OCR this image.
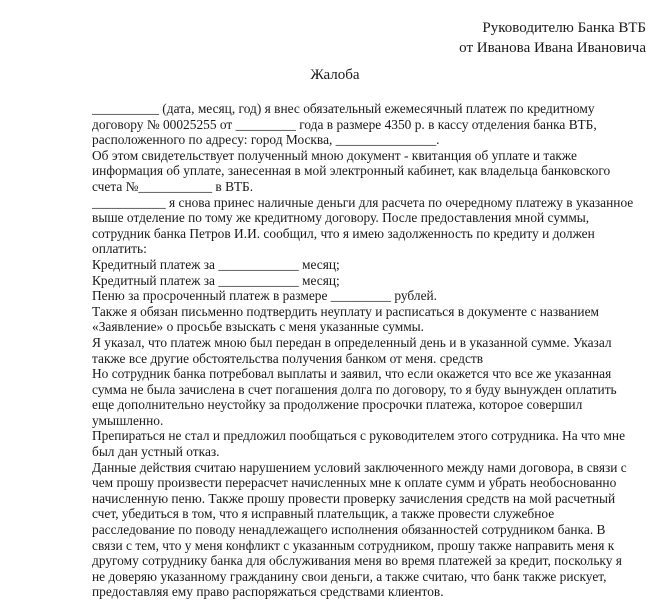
Руководителю Банка ВТБ
от Иванова Ивана Ивановича
Жалоба
__________ (дата, месяц, год) я внес обязательный ежемесячный платеж по кредитному
договору № 00025255 от _________ года в размере 4350 р. в кассу отделения банка ВТБ,
расположенного по адресу: город Москва, _______________.
Об этом свидетельствует полученный мною документ - квитанция об уплате и также
информация об уплате, занесенная в мой электронный кабинет, как владельца банковского
счета №___________ в ВТБ.
___________ я снова принес наличные деньги для расчета по очередному платежу в указанное
выше отделение по тому же кредитному договору. После предоставления мной суммы,
сотрудник банка Петров И.И. сообщил, что я имею задолженность по кредиту и должен
оплатить:
Кредитный платеж за ____________ месяц;
Кредитный платеж за ____________ месяц;
Пеню за просроченный платеж в размере _________ рублей.
Также я обязан письменно подтвердить неуплату и расписаться в документе с названием
«Заявление» о просьбе взыскать с меня указанные суммы.
Я указал, что платеж мною был передан в определенный день и в указанной сумме. Указал
также все другие обстоятельства получения банком от меня. средств
Но сотрудник банка потребовал выплаты и заявил, что если окажется что все же указанная
сумма не была зачислена в счет погашения долга по договору, то я буду вынужден оплатить
еще дополнительно неустойку за продолжение просрочки платежа, которое совершил
умышленно.
Препираться не стал и предложил пообщаться с руководителем этого сотрудника. На что мне
был дан устный отказ.
Данные действия считаю нарушением условий заключенного между нами договора, в связи с
чем прошу произвести перерасчет начисленных мне к оплате сумм и убрать необоснованно
начисленную пеню. Также прошу провести проверку зачисления средств на мой расчетный
счет, убедиться в том, что я исправный плательщик, а также провести служебное
расследование по поводу ненадлежащего исполнения обязанностей сотрудником банка. В
связи с тем, что у меня конфликт с указанным сотрудником, прошу также направить меня к
другому сотруднику банка для обслуживания меня во время платежей за кредит, поскольку я
не доверяю указанному гражданину свои деньги, а также считаю, что банк также рискует,
предоставляя ему право распоряжаться средствами клиентов.
